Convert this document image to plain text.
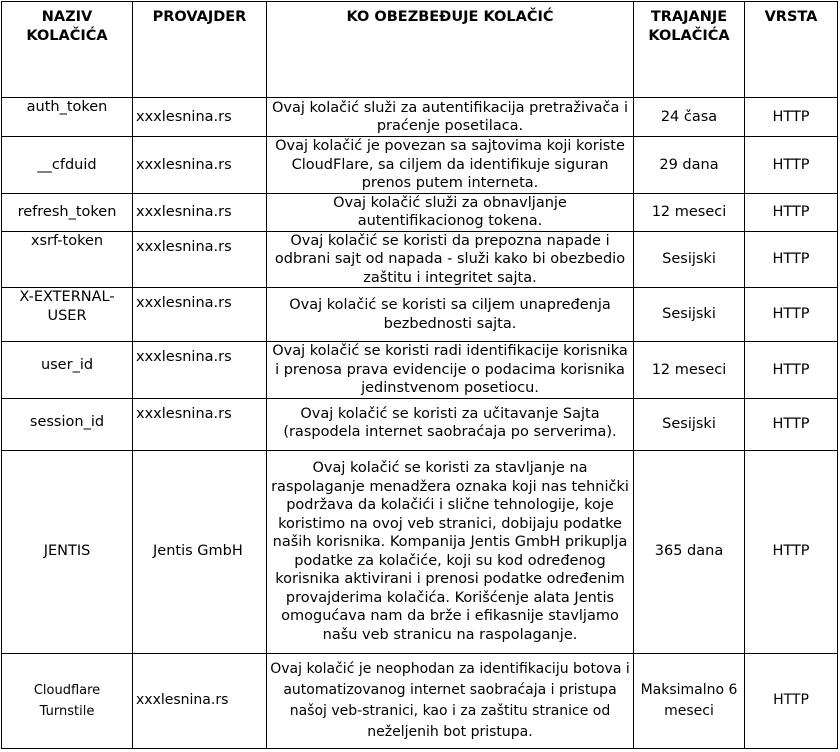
NAZIV KOLAČIĆA	PROVAJDER	KO OBEZBEĐUJE KOLAČIĆ	TRAJANJE KOLAČIĆA	VRSTA
auth_token	xxxlesnina.rs	Ovaj kolačić služi za autentifikacija pretraživača i praćenje posetilaca.	24 časa	HTTP
__cfduid	xxxlesnina.rs	Ovaj kolačić je povezan sa sajtovima koji koriste CloudFlare, sa ciljem da identifikuje siguran prenos putem interneta.	29 dana	HTTP
refresh_token	xxxlesnina.rs	Ovaj kolačić služi za obnavljanje autentifikacionog tokena.	12 meseci	HTTP
xsrf-token	xxxlesnina.rs	Ovaj kolačić se koristi da prepozna napade i odbrani sajt od napada - služi kako bi obezbedio zaštitu i integritet sajta.	Sesijski	HTTP
X-EXTERNAL-USER	xxxlesnina.rs	Ovaj kolačić se koristi sa ciljem unapređenja bezbednosti sajta.	Sesijski	HTTP

user_id	xxxlesnina.rs	Ovaj kolačić se koristi radi identifikacije korisnika i prenosa prava evidencije o podacima korisnika jedinstvenom posetiocu.	12 meseci	HTTP

session_id	xxxlesnina.rs	Ovaj kolačić se koristi za učitavanje Sajta (raspodela internet saobraćaja po serverima).	Sesijski	HTTP
JENTIS	Jentis GmbH	Ovaj kolačić se koristi za stavljanje na raspolaganje menadžera oznaka koji nas tehnički podržava da kolačići i slične tehnologije, koje koristimo na ovoj veb stranici, dobijaju podatke naših korisnika. Kompanija Jentis GmbH prikuplja podatke za kolačiće, koji su kod određenog korisnika aktivirani i prenosi podatke određenim provajderima kolačića. Korišćenje alata Jentis omogućava nam da brže i efikasnije stavljamo našu veb stranicu na raspolaganje.	365 dana	HTTP
Cloudflare Turnstile	xxxlesnina.rs	Ovaj kolačić je neophodan za identifikaciju botova i automatizovanog internet saobraćaja i pristupa našoj veb-stranici, kao i za zaštitu stranice od neželjenih bot pristupa.	Maksimalno 6 meseci	HTTP
